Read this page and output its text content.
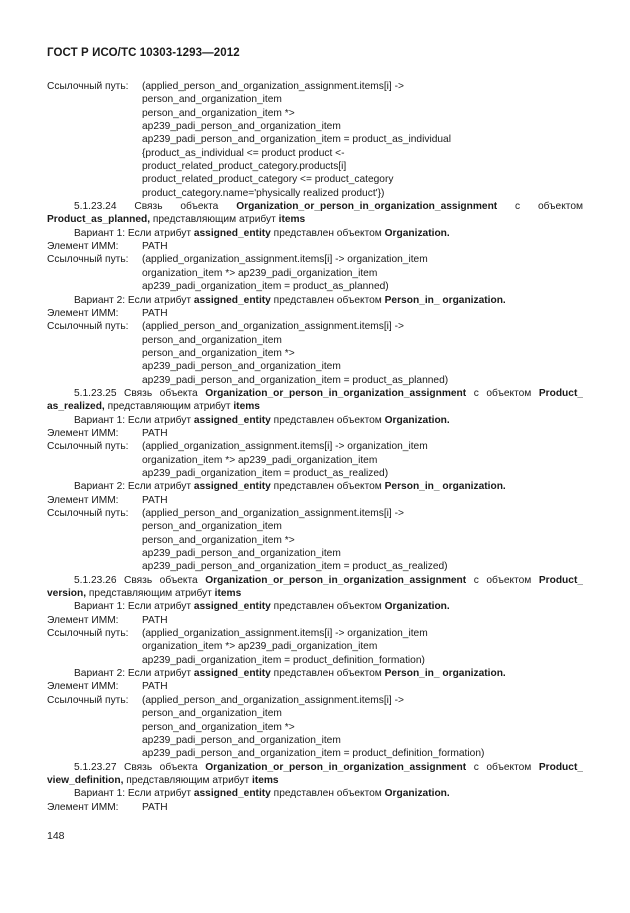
ГОСТ Р ИСО/ТС 10303-1293—2012
Ссылочный путь: (applied_person_and_organization_assignment.items[i] ->
person_and_organization_item
person_and_organization_item *>
ap239_padi_person_and_organization_item
ap239_padi_person_and_organization_item = product_as_individual
{product_as_individual <= product product <-
product_related_product_category.products[i]
product_related_product_category <= product_category
product_category.name='physically realized product'})
5.1.23.24 Связь объекта Organization_or_person_in_organization_assignment с объектом
Product_as_planned, представляющим атрибут items
Вариант 1: Если атрибут assigned_entity представлен объектом Organization.
Элемент ИММ: PATH
Ссылочный путь: (applied_organization_assignment.items[i] -> organization_item
organization_item *> ap239_padi_organization_item
ap239_padi_organization_item = product_as_planned)
Вариант 2: Если атрибут assigned_entity представлен объектом Person_in_ organization.
Элемент ИММ: PATH
Ссылочный путь: (applied_person_and_organization_assignment.items[i] ->
person_and_organization_item
person_and_organization_item *>
ap239_padi_person_and_organization_item
ap239_padi_person_and_organization_item = product_as_planned)
5.1.23.25 Связь объекта Organization_or_person_in_organization_assignment с объектом Product_
as_realized, представляющим атрибут items
Вариант 1: Если атрибут assigned_entity представлен объектом Organization.
Элемент ИММ: PATH
Ссылочный путь: (applied_organization_assignment.items[i] -> organization_item
organization_item *> ap239_padi_organization_item
ap239_padi_organization_item = product_as_realized)
Вариант 2: Если атрибут assigned_entity представлен объектом Person_in_ organization.
Элемент ИММ: PATH
Ссылочный путь: (applied_person_and_organization_assignment.items[i] ->
person_and_organization_item
person_and_organization_item *>
ap239_padi_person_and_organization_item
ap239_padi_person_and_organization_item = product_as_realized)
5.1.23.26 Связь объекта Organization_or_person_in_organization_assignment с объектом Product_
version, представляющим атрибут items
Вариант 1: Если атрибут assigned_entity представлен объектом Organization.
Элемент ИММ: PATH
Ссылочный путь: (applied_organization_assignment.items[i] -> organization_item
organization_item *> ap239_padi_organization_item
ap239_padi_organization_item = product_definition_formation)
Вариант 2: Если атрибут assigned_entity представлен объектом Person_in_ organization.
Элемент ИММ: PATH
Ссылочный путь: (applied_person_and_organization_assignment.items[i] ->
person_and_organization_item
person_and_organization_item *>
ap239_padi_person_and_organization_item
ap239_padi_person_and_organization_item = product_definition_formation)
5.1.23.27 Связь объекта Organization_or_person_in_organization_assignment с объектом Product_
view_definition, представляющим атрибут items
Вариант 1: Если атрибут assigned_entity представлен объектом Organization.
Элемент ИММ: PATH
148
